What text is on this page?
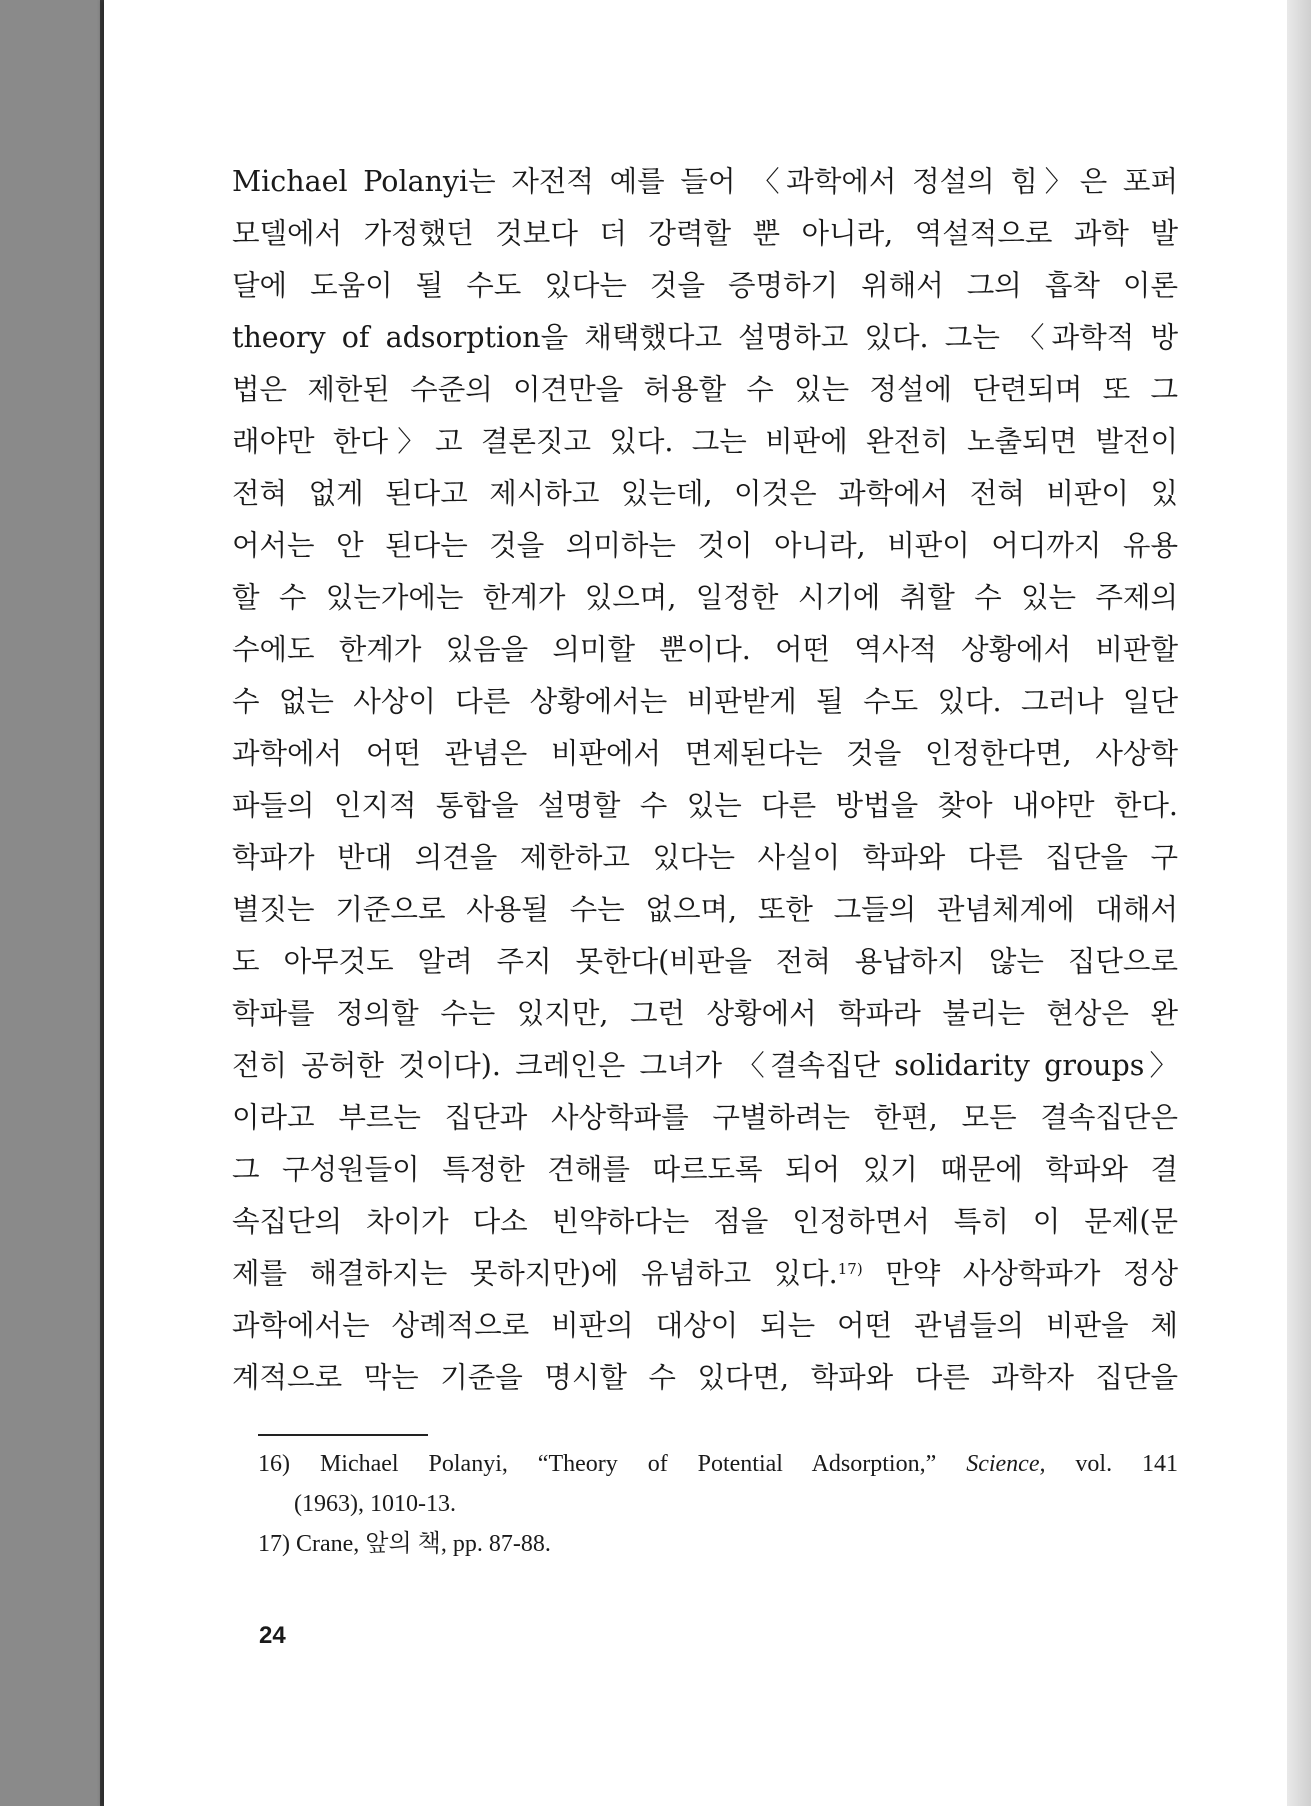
Michael Polanyi는 자전적 예를 들어 〈과학에서 정설의 힘〉은 포퍼
모델에서 가정했던 것보다 더 강력할 뿐 아니라, 역설적으로 과학 발
달에 도움이 될 수도 있다는 것을 증명하기 위해서 그의 흡착 이론
theory of adsorption을 채택했다고 설명하고 있다. 그는 〈과학적 방
법은 제한된 수준의 이견만을 허용할 수 있는 정설에 단련되며 또 그
래야만 한다〉고 결론짓고 있다. 그는 비판에 완전히 노출되면 발전이
전혀 없게 된다고 제시하고 있는데, 이것은 과학에서 전혀 비판이 있
어서는 안 된다는 것을 의미하는 것이 아니라, 비판이 어디까지 유용
할 수 있는가에는 한계가 있으며, 일정한 시기에 취할 수 있는 주제의
수에도 한계가 있음을 의미할 뿐이다. 어떤 역사적 상황에서 비판할
수 없는 사상이 다른 상황에서는 비판받게 될 수도 있다. 그러나 일단
과학에서 어떤 관념은 비판에서 면제된다는 것을 인정한다면, 사상학
파들의 인지적 통합을 설명할 수 있는 다른 방법을 찾아 내야만 한다.
학파가 반대 의견을 제한하고 있다는 사실이 학파와 다른 집단을 구
별짓는 기준으로 사용될 수는 없으며, 또한 그들의 관념체계에 대해서
도 아무것도 알려 주지 못한다(비판을 전혀 용납하지 않는 집단으로
학파를 정의할 수는 있지만, 그런 상황에서 학파라 불리는 현상은 완
전히 공허한 것이다). 크레인은 그녀가 〈결속집단 solidarity groups〉
이라고 부르는 집단과 사상학파를 구별하려는 한편, 모든 결속집단은
그 구성원들이 특정한 견해를 따르도록 되어 있기 때문에 학파와 결
속집단의 차이가 다소 빈약하다는 점을 인정하면서 특히 이 문제(문
제를 해결하지는 못하지만)에 유념하고 있다.$^{17)}$ 만약 사상학파가 정상
과학에서는 상례적으로 비판의 대상이 되는 어떤 관념들의 비판을 체
계적으로 막는 기준을 명시할 수 있다면, 학파와 다른 과학자 집단을
16) Michael Polanyi, “Theory of Potential Adsorption,” Science, vol. 141
(1963), 1010-13.
17) Crane, 앞의 책, pp. 87-88.
24
